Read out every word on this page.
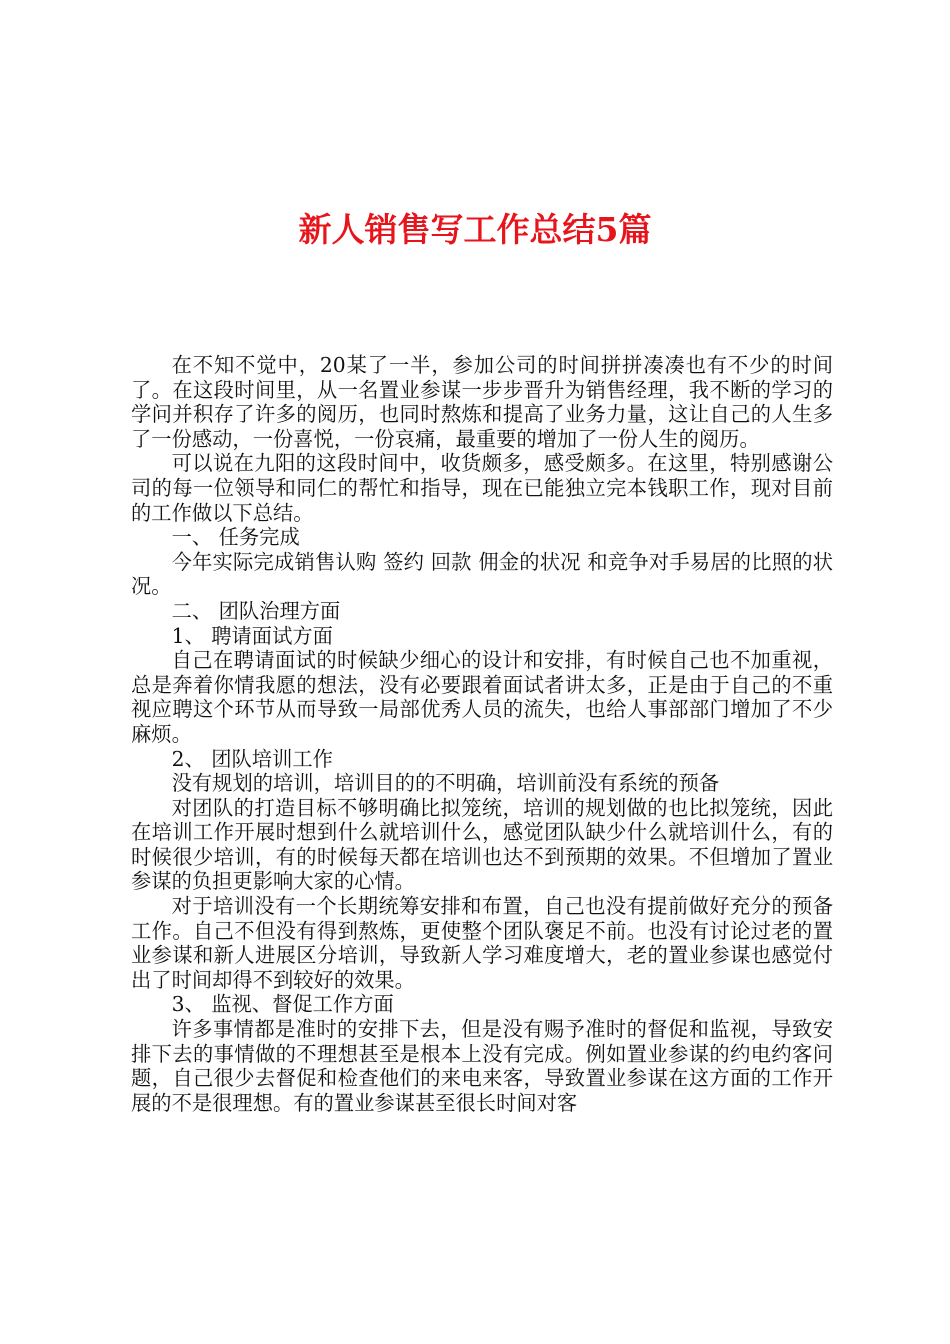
新人销售写工作总结5篇

在不知不觉中，20某了一半，参加公司的时间拼拼凑凑也有不少的时间了。在这段时间里，从一名置业参谋一步步晋升为销售经理，我不断的学习的学问并积存了许多的阅历，也同时熬炼和提高了业务力量，这让自己的人生多了一份感动，一份喜悦，一份哀痛，最重要的增加了一份人生的阅历。

可以说在九阳的这段时间中，收货颇多，感受颇多。在这里，特别感谢公司的每一位领导和同仁的帮忙和指导，现在已能独立完本钱职工作，现对目前的工作做以下总结。

一、 任务完成

今年实际完成销售认购 签约 回款 佣金的状况 和竞争对手易居的比照的状况。

二、 团队治理方面

1、 聘请面试方面

自己在聘请面试的时候缺少细心的设计和安排，有时候自己也不加重视，总是奔着你情我愿的想法，没有必要跟着面试者讲太多，正是由于自己的不重视应聘这个环节从而导致一局部优秀人员的流失，也给人事部部门增加了不少麻烦。

2、 团队培训工作

没有规划的培训，培训目的的不明确，培训前没有系统的预备

对团队的打造目标不够明确比拟笼统，培训的规划做的也比拟笼统，因此在培训工作开展时想到什么就培训什么，感觉团队缺少什么就培训什么，有的时候很少培训，有的时候每天都在培训也达不到预期的效果。不但增加了置业参谋的负担更影响大家的心情。

对于培训没有一个长期统筹安排和布置，自己也没有提前做好充分的预备工作。自己不但没有得到熬炼，更使整个团队褒足不前。也没有讨论过老的置业参谋和新人进展区分培训，导致新人学习难度增大，老的置业参谋也感觉付出了时间却得不到较好的效果。

3、 监视、督促工作方面

许多事情都是准时的安排下去，但是没有赐予准时的督促和监视，导致安排下去的事情做的不理想甚至是根本上没有完成。例如置业参谋的约电约客问题，自己很少去督促和检查他们的来电来客，导致置业参谋在这方面的工作开展的不是很理想。有的置业参谋甚至很长时间对客
